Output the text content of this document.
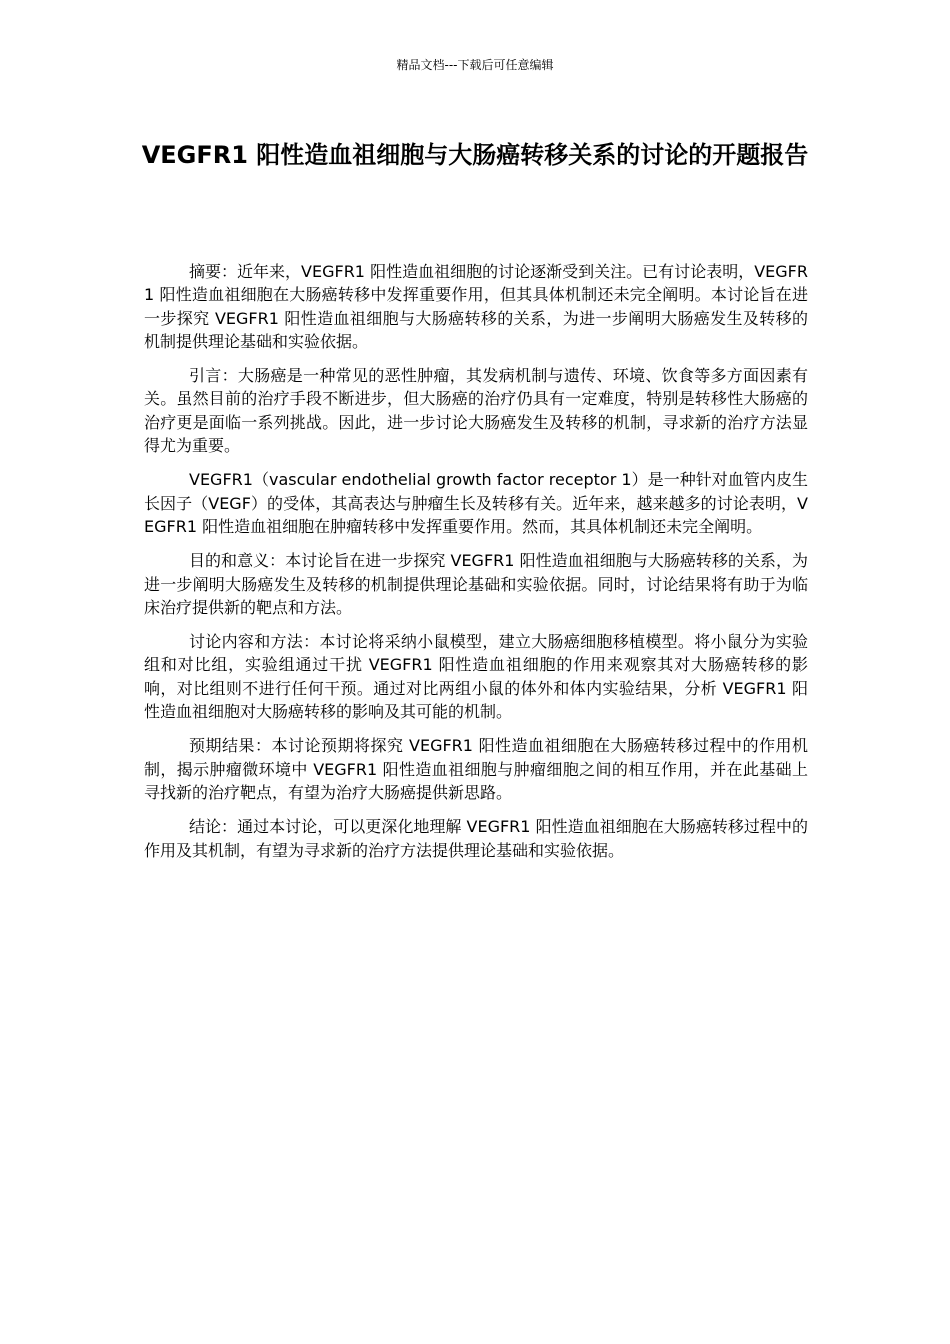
精品文档---下载后可任意编辑
VEGFR1 阳性造血祖细胞与大肠癌转移关系的讨论的开题报告

摘要：近年来，VEGFR1 阳性造血祖细胞的讨论逐渐受到关注。已有讨论表明，VEGFR1 阳性造血祖细胞在大肠癌转移中发挥重要作用，但其具体机制还未完全阐明。本讨论旨在进一步探究 VEGFR1 阳性造血祖细胞与大肠癌转移的关系，为进一步阐明大肠癌发生及转移的机制提供理论基础和实验依据。

引言：大肠癌是一种常见的恶性肿瘤，其发病机制与遗传、环境、饮食等多方面因素有关。虽然目前的治疗手段不断进步，但大肠癌的治疗仍具有一定难度，特别是转移性大肠癌的治疗更是面临一系列挑战。因此，进一步讨论大肠癌发生及转移的机制，寻求新的治疗方法显得尤为重要。

VEGFR1（vascular endothelial growth factor receptor 1）是一种针对血管内皮生长因子（VEGF）的受体，其高表达与肿瘤生长及转移有关。近年来，越来越多的讨论表明，VEGFR1 阳性造血祖细胞在肿瘤转移中发挥重要作用。然而，其具体机制还未完全阐明。

目的和意义：本讨论旨在进一步探究 VEGFR1 阳性造血祖细胞与大肠癌转移的关系，为进一步阐明大肠癌发生及转移的机制提供理论基础和实验依据。同时，讨论结果将有助于为临床治疗提供新的靶点和方法。

讨论内容和方法：本讨论将采纳小鼠模型，建立大肠癌细胞移植模型。将小鼠分为实验组和对比组，实验组通过干扰 VEGFR1 阳性造血祖细胞的作用来观察其对大肠癌转移的影响，对比组则不进行任何干预。通过对比两组小鼠的体外和体内实验结果，分析 VEGFR1 阳性造血祖细胞对大肠癌转移的影响及其可能的机制。

预期结果：本讨论预期将探究 VEGFR1 阳性造血祖细胞在大肠癌转移过程中的作用机制，揭示肿瘤微环境中 VEGFR1 阳性造血祖细胞与肿瘤细胞之间的相互作用，并在此基础上寻找新的治疗靶点，有望为治疗大肠癌提供新思路。

结论：通过本讨论，可以更深化地理解 VEGFR1 阳性造血祖细胞在大肠癌转移过程中的作用及其机制，有望为寻求新的治疗方法提供理论基础和实验依据。
